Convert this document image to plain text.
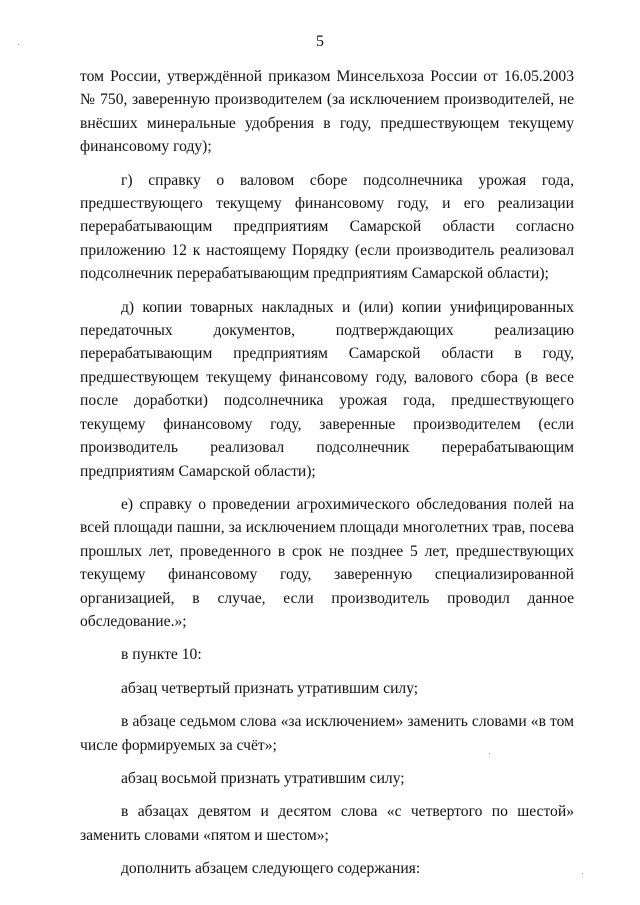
5

том России, утверждённой приказом Минсельхоза России от 16.05.2003 № 750, заверенную производителем (за исключением производителей, не внёсших минеральные удобрения в году, предшествующем текущему финансовому году);

г) справку о валовом сборе подсолнечника урожая года, предшествующего текущему финансовому году, и его реализации перерабатывающим предприятиям Самарской области согласно приложению 12 к настоящему Порядку (если производитель реализовал подсолнечник перерабатывающим предприятиям Самарской области);

д) копии товарных накладных и (или) копии унифицированных передаточных документов, подтверждающих реализацию перерабатывающим предприятиям Самарской области в году, предшествующем текущему финансовому году, валового сбора (в весе после доработки) подсолнечника урожая года, предшествующего текущему финансовому году, заверенные производителем (если производитель реализовал подсолнечник перерабатывающим предприятиям Самарской области);

е) справку о проведении агрохимического обследования полей на всей площади пашни, за исключением площади многолетних трав, посева прошлых лет, проведенного в срок не позднее 5 лет, предшествующих текущему финансовому году, заверенную специализированной организацией, в случае, если производитель проводил данное обследование.»;

в пункте 10:

абзац четвертый признать утратившим силу;

в абзаце седьмом слова «за исключением» заменить словами «в том числе формируемых за счёт»;

абзац восьмой признать утратившим силу;

в абзацах девятом и десятом слова «с четвертого по шестой» заменить словами «пятом и шестом»;

дополнить абзацем следующего содержания:
